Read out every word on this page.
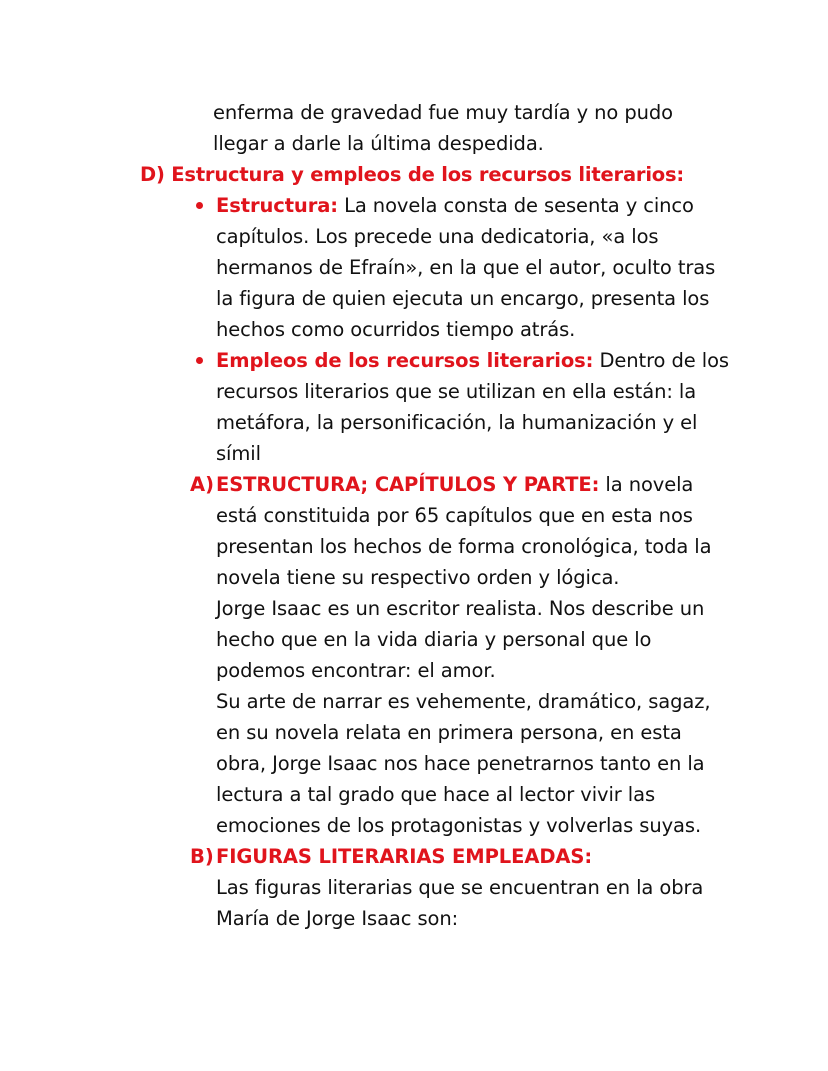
enferma de gravedad fue muy tardía y no pudo
llegar a darle la última despedida.
D) Estructura y empleos de los recursos literarios:
Estructura: La novela consta de sesenta y cinco
capítulos. Los precede una dedicatoria, «a los
hermanos de Efraín», en la que el autor, oculto tras
la figura de quien ejecuta un encargo, presenta los
hechos como ocurridos tiempo atrás.
Empleos de los recursos literarios: Dentro de los
recursos literarios que se utilizan en ella están: la
metáfora, la personificación, la humanización y el
símil
A) ESTRUCTURA; CAPÍTULOS Y PARTE: la novela
está constituida por 65 capítulos que en esta nos
presentan los hechos de forma cronológica, toda la
novela tiene su respectivo orden y lógica.
Jorge Isaac es un escritor realista. Nos describe un
hecho que en la vida diaria y personal que lo
podemos encontrar: el amor.
Su arte de narrar es vehemente, dramático, sagaz,
en su novela relata en primera persona, en esta
obra, Jorge Isaac nos hace penetrarnos tanto en la
lectura a tal grado que hace al lector vivir las
emociones de los protagonistas y volverlas suyas.
B) FIGURAS LITERARIAS EMPLEADAS:
Las figuras literarias que se encuentran en la obra
María de Jorge Isaac son:
